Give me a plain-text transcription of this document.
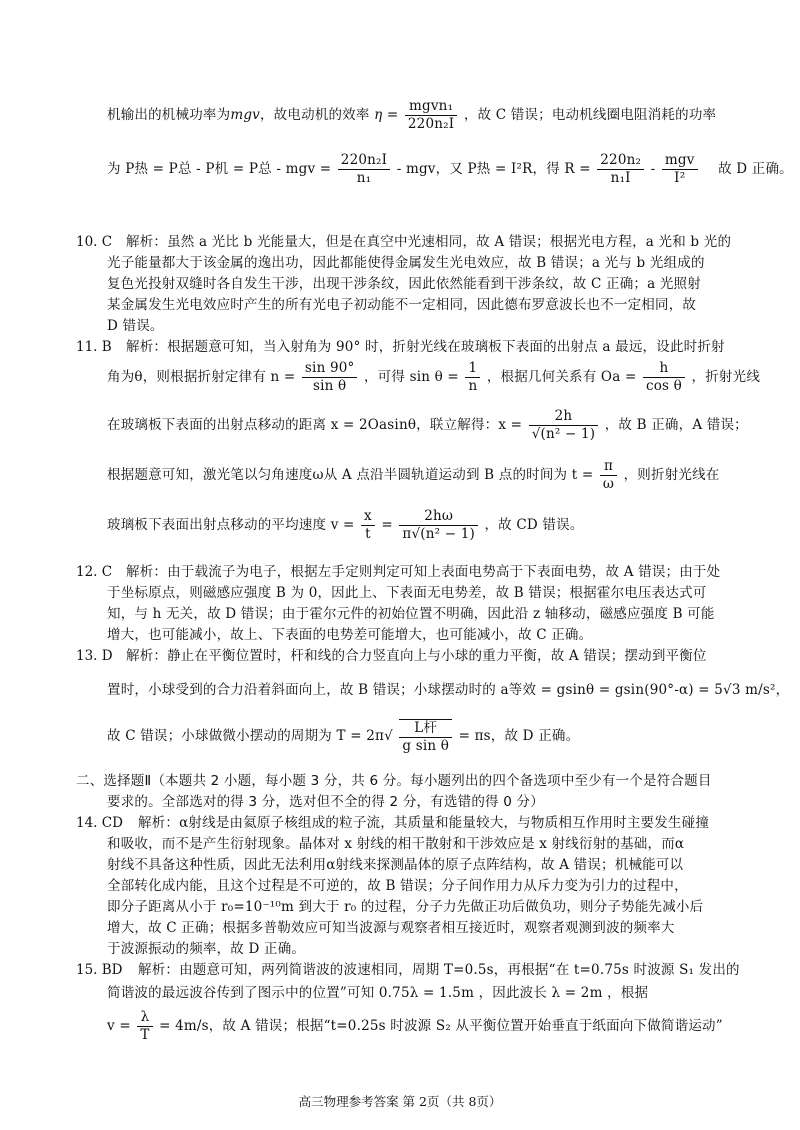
机输出的机械功率为mgv，故电动机的效率 $\eta = \frac{\text{mgvn₁}}{\text{220n₂I}}$ ，故 C 错误；电动机线圈电阻消耗的功率
为 P热 = P总 - P机 = P总 - mgv = $\frac{\text{220n₂I}}{\text{n₁}}$ - mgv，又 P热 = I²R，得 $R = \frac{\text{220n₂}}{\text{n₁I}} - \frac{\text{mgv}}{\text{I²}}$ 故 D 正确。
10. C 解析：虽然 a 光比 b 光能量大，但是在真空中光速相同，故 A 错误；根据光电方程，a 光和 b 光的
光子能量都大于该金属的逸出功，因此都能使得金属发生光电效应，故 B 错误；a 光与 b 光组成的
复色光投射双缝时各自发生干涉，出现干涉条纹，因此依然能看到干涉条纹，故 C 正确；a 光照射
某金属发生光电效应时产生的所有光电子初动能不一定相同，因此德布罗意波长也不一定相同，故
D 错误。
11. B 解析：根据题意可知，当入射角为 90° 时，折射光线在玻璃板下表面的出射点 a 最远，设此时折射
角为θ，则根据折射定律有 $n = \frac{\sin 90^\circ}{\text{sin θ}}$ ，可得 $\sin \theta = \frac{1}{n}$ ，根据几何关系有 $Oa = \frac{h}{\text{cos θ}}$ ，折射光线
在玻璃板下表面的出射点移动的距离 x = 2Oasinθ，联立解得：$x = \frac{2h}{\text{√(n² − 1)}}$ ，故 B 正确，A 错误；
根据题意可知，激光笔以匀角速度ω从 A 点沿半圆轨道运动到 B 点的时间为 $t = \frac{\pi}{\omega}$ ，则折射光线在
玻璃板下表面出射点移动的平均速度 $v = \frac{x}{t} = \frac{2h\omega}{\text{π√(n² − 1)}}$ ，故 CD 错误。
12. C 解析：由于载流子为电子，根据左手定则判定可知上表面电势高于下表面电势，故 A 错误；由于处
于坐标原点，则磁感应强度 B 为 0，因此上、下表面无电势差，故 B 错误；根据霍尔电压表达式可
知，与 h 无关，故 D 错误；由于霍尔元件的初始位置不明确，因此沿 z 轴移动，磁感应强度 B 可能
增大，也可能减小，故上、下表面的电势差可能增大，也可能减小，故 C 正确。
13. D 解析：静止在平衡位置时，杆和线的合力竖直向上与小球的重力平衡，故 A 错误；摆动到平衡位
置时，小球受到的合力沿着斜面向上，故 B 错误；小球摆动时的 a等效 = gsinθ = gsin(90°-α) = 5√3 m/s²，
故 C 错误；小球做微小摆动的周期为 $T = 2\pi√ \frac{\text{L杆}}{\text{g sin θ}} = \pi s$，故 D 正确。
二、选择题Ⅱ（本题共 2 小题，每小题 3 分，共 6 分。每小题列出的四个备选项中至少有一个是符合题目
要求的。全部选对的得 3 分，选对但不全的得 2 分，有选错的得 0 分）
14. CD 解析：α射线是由氦原子核组成的粒子流，其质量和能量较大，与物质相互作用时主要发生碰撞
和吸收，而不是产生衍射现象。晶体对 x 射线的相干散射和干涉效应是 x 射线衍射的基础，而α
射线不具备这种性质，因此无法利用α射线来探测晶体的原子点阵结构，故 A 错误；机械能可以
全部转化成内能，且这个过程是不可逆的，故 B 错误；分子间作用力从斥力变为引力的过程中，
即分子距离从小于 r₀=10⁻¹⁰m 到大于 r₀ 的过程，分子力先做正功后做负功，则分子势能先减小后
增大，故 C 正确；根据多普勒效应可知当波源与观察者相互接近时，观察者观测到波的频率大
于波源振动的频率，故 D 正确。
15. BD 解析：由题意可知，两列简谐波的波速相同，周期 T=0.5s，再根据“在 t=0.75s 时波源 S₁ 发出的
简谐波的最远波谷传到了图示中的位置”可知 0.75λ = 1.5m ，因此波长 λ = 2m ，根据
$v = \frac{\lambda}{T} = 4m/s$，故 A 错误；根据“t=0.25s 时波源 S₂ 从平衡位置开始垂直于纸面向下做简谐运动”
高三物理参考答案 第 2页（共 8页）
